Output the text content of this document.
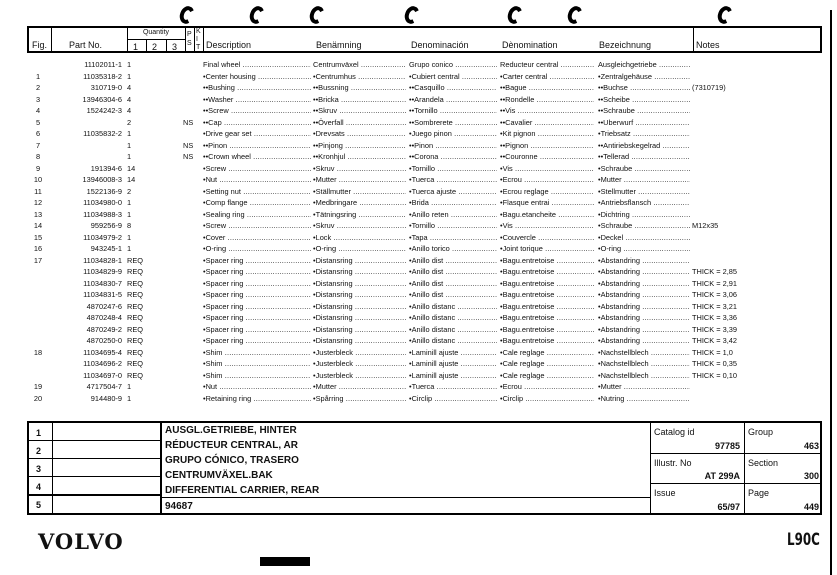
Fig. Part No.
Quantity
1 2 3
P S
K I T Description	Benämning	Denominación	Dènomination	Bezeichnung	Notes
11102011-1 1	Final wheel .....	Centrumväxel .....	Grupo conico .....	Reducteur central .....	Ausgleichgetriebe .....
1	11035318-2 1	•Center housing .....	•Centrumhus .....	•Cubiert central .....	•Carter central .....	•Zentralgehäuse .....
2	310719-0 4	••Bushing .....	••Bussning .....	••Casquillo .....	••Bague .....	••Buchse .....	(7310719)
3	13946304-6 4	••Washer .....	••Bricka .....	••Arandela .....	••Rondelle .....	••Scheibe .....
4	1524242-3 4	••Screw .....	••Skruv .....	••Tornillo .....	••Vis .....	••Schraube .....
5	2	NS	••Cap .....	••Överfall .....	••Sombrerete .....	••Cavalier .....	••Uberwurf .....
6	11035832-2 1	•Drive gear set .....	•Drevsats .....	•Juego pinon .....	•Kit pignon .....	•Triebsatz .....
7	1	NS	••Pinon .....	••Pinjong .....	••Pinon .....	••Pignon .....	••Antiriebskegelrad .....
8	1	NS	••Crown wheel .....	••Kronhjul .....	••Corona .....	••Couronne .....	••Tellerad .....
9	191394-6 14	•Screw .....	•Skruv .....	•Tornillo .....	•Vis .....	•Schraube .....
10	13946008-3 14	•Nut .....	•Mutter .....	•Tuerca .....	•Ecrou .....	•Mutter .....
11	1522136-9 2	•Setting nut .....	•Ställmutter .....	•Tuerca ajuste .....	•Ecrou reglage .....	•Stellmutter .....
12	11034980-0 1	•Comp flange .....	•Medbringare .....	•Brida .....	•Flasque entrai .....	•Antriebsflansch .....
13	11034988-3 1	•Sealing ring .....	•Tätningsring .....	•Anillo reten .....	•Bagu.etancheite .....	•Dichtring .....
14	959256-9 8	•Screw .....	•Skruv .....	•Tornillo .....	•Vis .....	•Schraube .....	M12x35
15	11034979-2 1	•Cover .....	•Lock .....	•Tapa .....	•Couvercle .....	•Deckel .....
16	943245-1 1	•O-ring .....	•O-ring .....	•Anillo torico .....	•Joint torique .....	•O-ring .....
17	11034828-1 REQ	•Spacer ring .....	•Distansring .....	•Anillo dist .....	•Bagu.entretoise .....	•Abstandring .....
11034829-9 REQ	•Spacer ring .....	•Distansring .....	•Anillo dist .....	•Bagu.entretoise .....	•Abstandring .....	THICK = 2,85
11034830-7 REQ	•Spacer ring .....	•Distansring .....	•Anillo dist .....	•Bagu.entretoise .....	•Abstandring .....	THICK = 2,91
11034831-5 REQ	•Spacer ring .....	•Distansring .....	•Anillo dist .....	•Bagu.entretoise .....	•Abstandring .....	THICK = 3,06
4870247-6 REQ	•Spacer ring .....	•Distansring .....	•Anillo distanc .....	•Bagu.entretoise .....	•Abstandring .....	THICK = 3,21
4870248-4 REQ	•Spacer ring .....	•Distansring .....	•Anillo distanc .....	•Bagu.entretoise .....	•Abstandring .....	THICK = 3,36
4870249-2 REQ	•Spacer ring .....	•Distansring .....	•Anillo distanc .....	•Bagu.entretoise .....	•Abstandring .....	THICK = 3,39
4870250-0 REQ	•Spacer ring .....	•Distansring .....	•Anillo distanc .....	•Bagu.entretoise .....	•Abstandring .....	THICK = 3,42
18	11034695-4 REQ	•Shim .....	•Justerbleck .....	•Laminill ajuste .....	•Cale reglage .....	•Nachstellblech .....	THICK = 1,0
11034696-2 REQ	•Shim .....	•Justerbleck .....	•Laminill ajuste .....	•Cale reglage .....	•Nachstellblech .....	THICK = 0,35
11034697-0 REQ	•Shim .....	•Justerbleck .....	•Laminill ajuste .....	•Cale reglage .....	•Nachstellblech .....	THICK = 0,10
19	4717504-7 1	•Nut .....	•Mutter .....	•Tuerca .....	•Ecrou .....	•Mutter .....
20	914480-9 1	•Retaining ring .....	•Spårring .....	•Circlip .....	•Circlip .....	•Nutring .....
1
2
3
4
5
AUSGL.GETRIEBE, HINTER
RÉDUCTEUR CENTRAL, AR
GRUPO CÓNICO, TRASERO
CENTRUMVÄXEL.BAK
DIFFERENTIAL CARRIER, REAR
94687
Catalog id
97785
Group
463
Illustr. No
AT 299A
Section
300
Issue
65/97
Page
449
VOLVO	L90C
